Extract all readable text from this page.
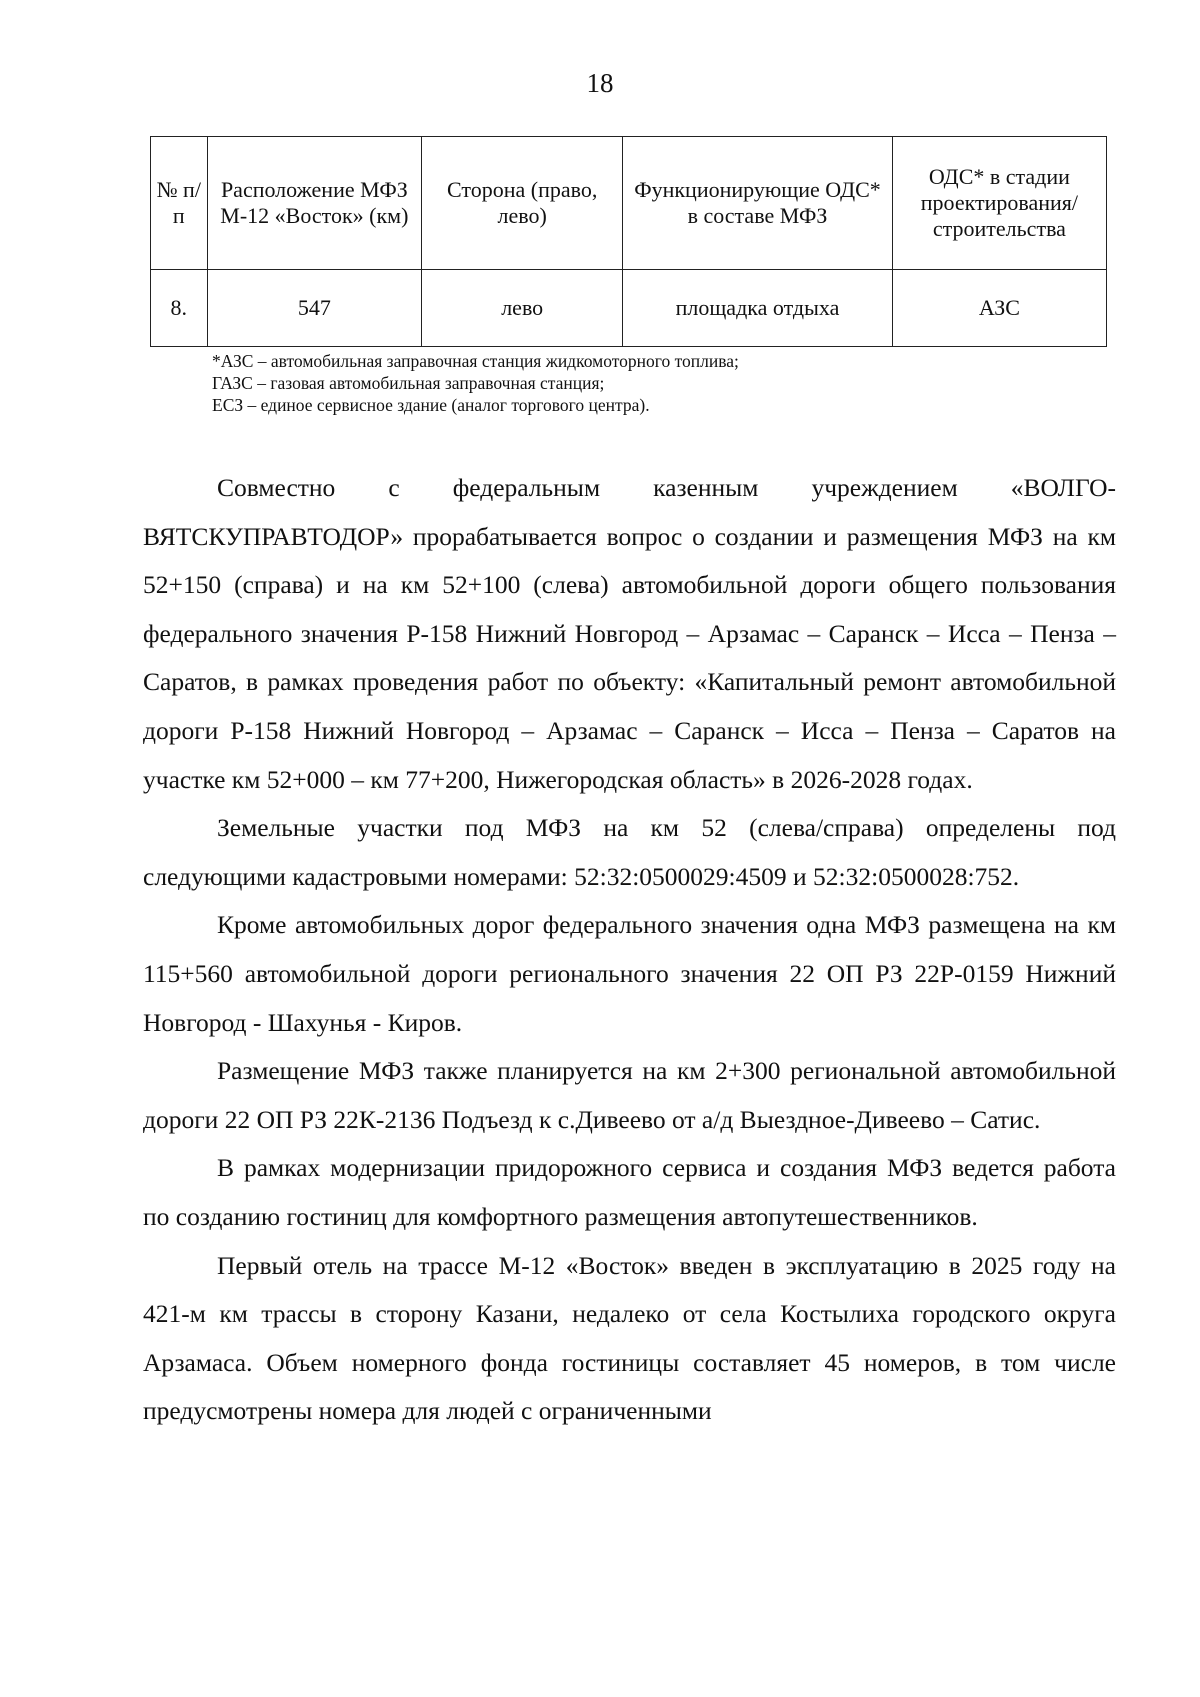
18
№ п/п	Расположение МФЗ М-12 «Восток» (км)	Сторона (право, лево)	Функционирующие ОДС* в составе МФЗ	ОДС* в стадии проектирования/ строительства
8.	547	лево	площадка отдыха	АЗС
*АЗС – автомобильная заправочная станция жидкомоторного топлива;
ГАЗС – газовая автомобильная заправочная станция;
ЕСЗ – единое сервисное здание (аналог торгового центра).

Совместно с федеральным казенным учреждением «ВОЛГО-ВЯТСКУПРАВТОДОР» прорабатывается вопрос о создании и размещения МФЗ на км 52+150 (справа) и на км 52+100 (слева) автомобильной дороги общего пользования федерального значения Р-158 Нижний Новгород – Арзамас – Саранск – Исса – Пенза – Саратов, в рамках проведения работ по объекту: «Капитальный ремонт автомобильной дороги Р-158 Нижний Новгород – Арзамас – Саранск – Исса – Пенза – Саратов на участке км 52+000 – км 77+200, Нижегородская область» в 2026-2028 годах.

Земельные участки под МФЗ на км 52 (слева/справа) определены под следующими кадастровыми номерами: 52:32:0500029:4509 и 52:32:0500028:752.

Кроме автомобильных дорог федерального значения одна МФЗ размещена на км 115+560 автомобильной дороги регионального значения 22 ОП РЗ 22Р-0159 Нижний Новгород - Шахунья - Киров.

Размещение МФЗ также планируется на км 2+300 региональной автомобильной дороги 22 ОП РЗ 22К-2136 Подъезд к с.Дивеево от а/д Выездное-Дивеево – Сатис.

В рамках модернизации придорожного сервиса и создания МФЗ ведется работа по созданию гостиниц для комфортного размещения автопутешественников.

Первый отель на трассе М-12 «Восток» введен в эксплуатацию в 2025 году на 421-м км трассы в сторону Казани, недалеко от села Костылиха городского округа Арзамаса. Объем номерного фонда гостиницы составляет 45 номеров, в том числе предусмотрены номера для людей с ограниченными
